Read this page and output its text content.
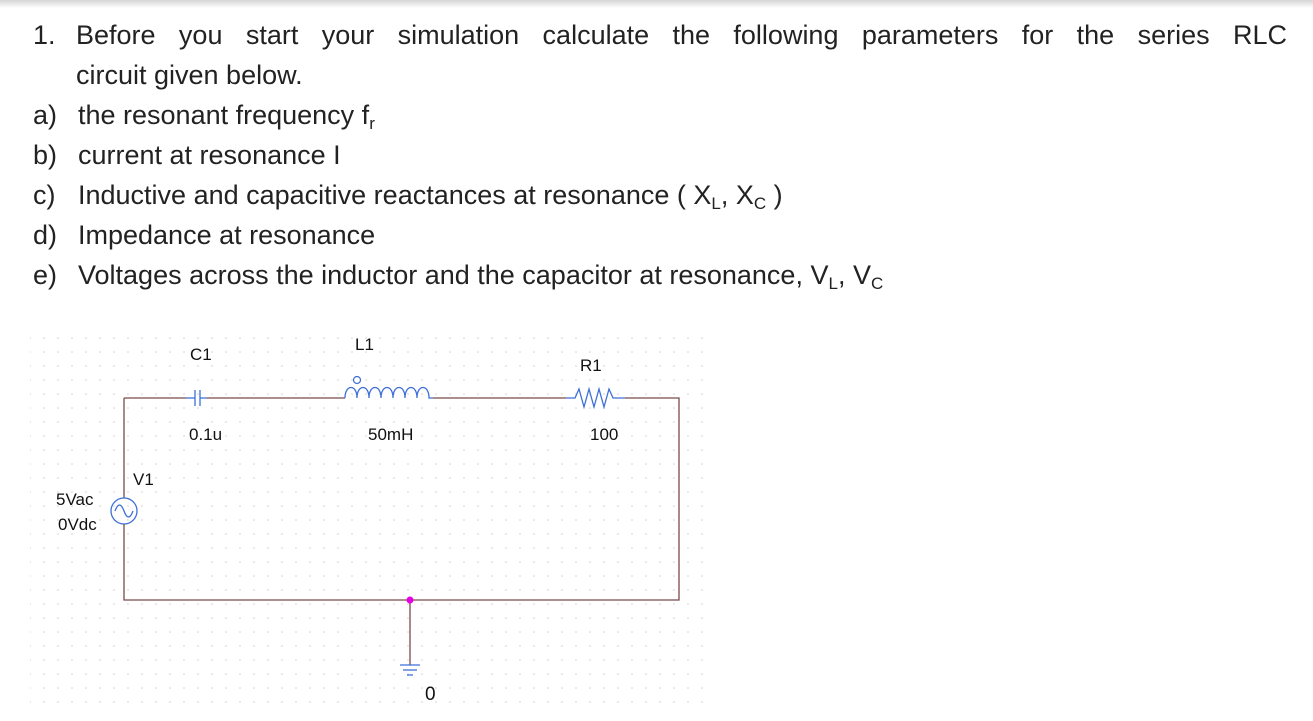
1. Before you start your simulation calculate the following parameters for the series RLC
circuit given below.
a) the resonant frequency $f_r$
b) current at resonance I
c) Inductive and capacitive reactances at resonance ( $X_L$, $X_C$ )
d) Impedance at resonance
e) Voltages across the inductor and the capacitor at resonance, $V_L$, $V_C$
C1
0.1u
L1
50mH
R1
100
V1
5Vac
0Vdc
0
